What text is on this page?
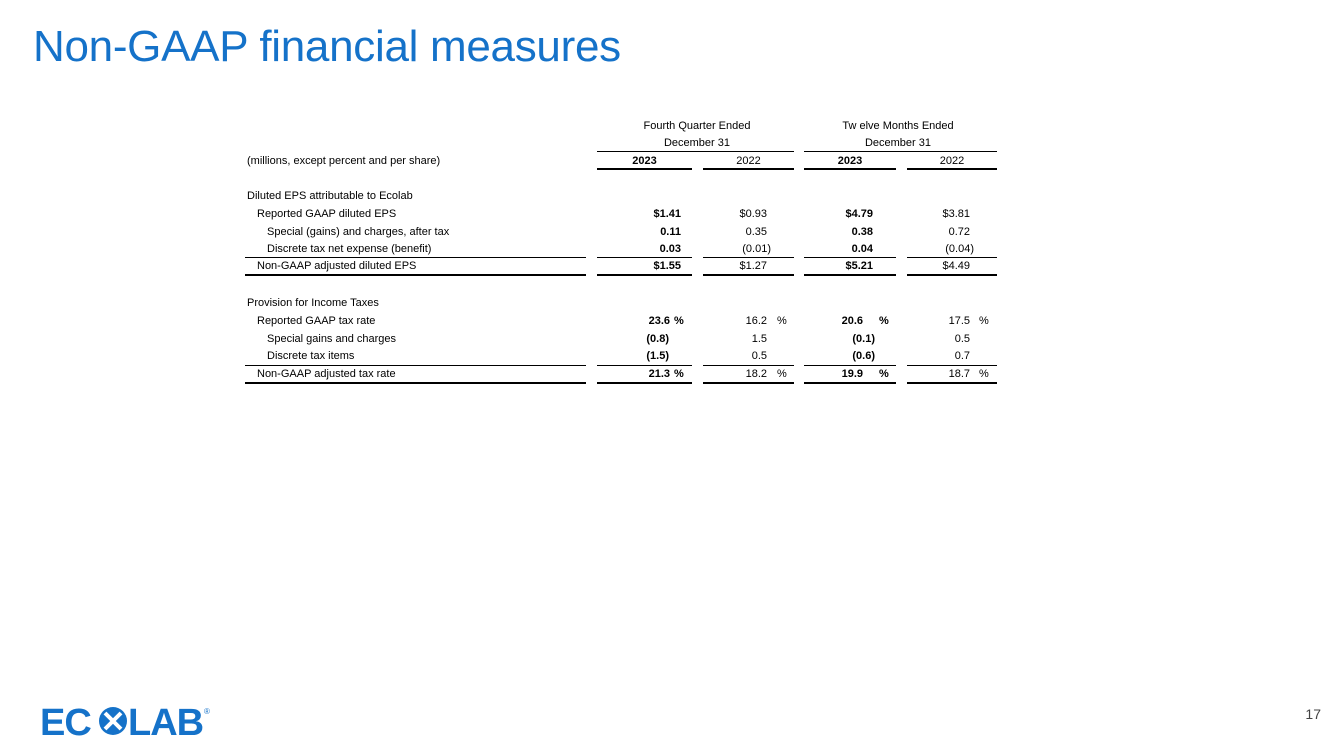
Non-GAAP financial measures
Fourth Quarter Ended
December 31
Tw elve Months Ended
December 31
(millions, except percent and per share)	2023	2022	2023	2022
Diluted EPS attributable to Ecolab
Reported GAAP diluted EPS	$1.41	$0.93	$4.79	$3.81
Special (gains) and charges, after tax	0.11	0.35	0.38	0.72
Discrete tax net expense (benefit)	0.03	(0.01)	0.04	(0.04)
Non-GAAP adjusted diluted EPS	$1.55	$1.27	$5.21	$4.49
Provision for Income Taxes
Reported GAAP tax rate	23.6 %	16.2 %	20.6 %	17.5 %
Special gains and charges	(0.8)	1.5	(0.1)	0.5
Discrete tax items	(1.5)	0.5	(0.6)	0.7
Non-GAAP adjusted tax rate	21.3 %	18.2 %	19.9 %	18.7 %
EC LAB ®	17
